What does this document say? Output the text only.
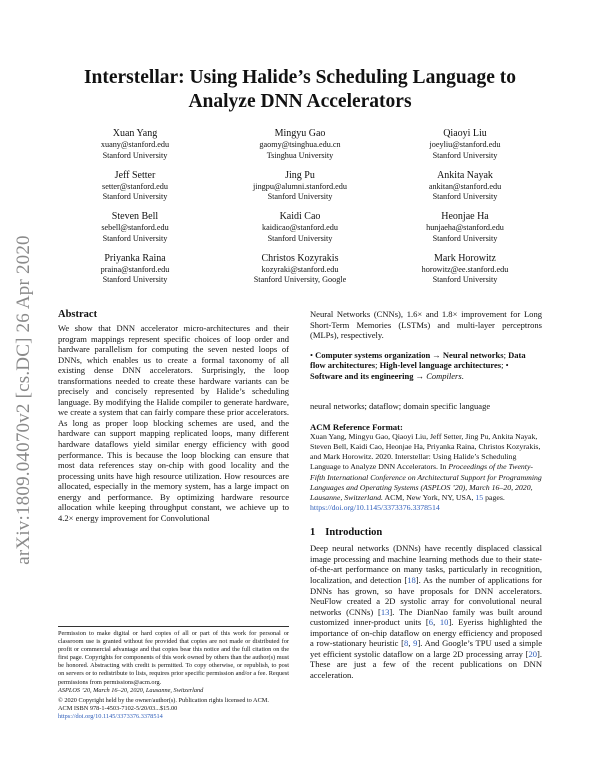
arXiv:1809.04070v2 [cs.DC] 26 Apr 2020
Interstellar: Using Halide’s Scheduling Language to
Analyze DNN Accelerators
Xuan Yang
xuany@stanford.edu
Stanford University
Mingyu Gao
gaomy@tsinghua.edu.cn
Tsinghua University
Qiaoyi Liu
joeyliu@stanford.edu
Stanford University
Jeff Setter
setter@stanford.edu
Stanford University
Jing Pu
jingpu@alumni.stanford.edu
Stanford University
Ankita Nayak
ankitan@stanford.edu
Stanford University
Steven Bell
sebell@stanford.edu
Stanford University
Kaidi Cao
kaidicao@stanford.edu
Stanford University
Heonjae Ha
hunjaeha@stanford.edu
Stanford University
Priyanka Raina
praina@stanford.edu
Stanford University
Christos Kozyrakis
kozyraki@stanford.edu
Stanford University, Google
Mark Horowitz
horowitz@ee.stanford.edu
Stanford University
Abstract

We show that DNN accelerator micro-architectures and their program mappings represent specific choices of loop order and hardware parallelism for computing the seven nested loops of DNNs, which enables us to create a formal taxonomy of all existing dense DNN accelerators. Surprisingly, the loop transformations needed to create these hardware variants can be precisely and concisely represented by Halide’s scheduling language. By modifying the Halide compiler to generate hardware, we create a system that can fairly compare these prior accelerators. As long as proper loop blocking schemes are used, and the hardware can support mapping replicated loops, many different hardware dataflows yield similar energy efficiency with good performance. This is because the loop blocking can ensure that most data references stay on-chip with good locality and the processing units have high resource utilization. How resources are allocated, especially in the memory system, has a large impact on energy and performance. By optimizing hardware resource allocation while keeping throughput constant, we achieve up to 4.2× energy improvement for Convolutional

Permission to make digital or hard copies of all or part of this work for personal or classroom use is granted without fee provided that copies are not made or distributed for profit or commercial advantage and that copies bear this notice and the full citation on the first page. Copyrights for components of this work owned by others than the author(s) must be honored. Abstracting with credit is permitted. To copy otherwise, or republish, to post on servers or to redistribute to lists, requires prior specific permission and/or a fee. Request permissions from permissions@acm.org.
ASPLOS ’20, March 16–20, 2020, Lausanne, Switzerland

© 2020 Copyright held by the owner/author(s). Publication rights licensed to ACM.

ACM ISBN 978-1-4503-7102-5/20/03...$15.00

https://doi.org/10.1145/3373376.3378514

Neural Networks (CNNs), 1.6× and 1.8× improvement for Long Short-Term Memories (LSTMs) and multi-layer perceptrons (MLPs), respectively.

• Computer systems organization → Neural networks; Data flow architectures; High-level language architectures; • Software and its engineering → Compilers.

neural networks; dataflow; domain specific language

ACM Reference Format:

Xuan Yang, Mingyu Gao, Qiaoyi Liu, Jeff Setter, Jing Pu, Ankita Nayak, Steven Bell, Kaidi Cao, Heonjae Ha, Priyanka Raina, Christos Kozyrakis, and Mark Horowitz. 2020. Interstellar: Using Halide’s Scheduling Language to Analyze DNN Accelerators. In Proceedings of the Twenty-Fifth International Conference on Architectural Support for Programming Languages and Operating Systems (ASPLOS ’20), March 16–20, 2020, Lausanne, Switzerland. ACM, New York, NY, USA, 15 pages. https://doi.org/10.1145/3373376.3378514

1 Introduction

Deep neural networks (DNNs) have recently displaced classical image processing and machine learning methods due to their state-of-the-art performance on many tasks, particularly in recognition, localization, and detection [18]. As the number of applications for DNNs has grown, so have proposals for DNN accelerators. NeuFlow created a 2D systolic array for convolutional neural networks (CNNs) [13]. The DianNao family was built around customized inner-product units [6, 10]. Eyeriss highlighted the importance of on-chip dataflow on energy efficiency and proposed a row-stationary heuristic [8, 9]. And Google’s TPU used a simple yet efficient systolic dataflow on a large 2D processing array [20]. These are just a few of the recent publications on DNN acceleration.
